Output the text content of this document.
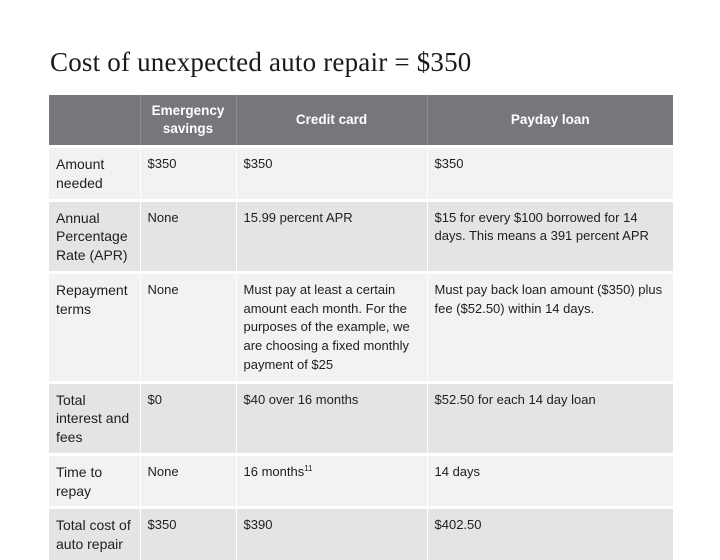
Cost of unexpected auto repair = $350
	Emergency savings	Credit card	Payday loan
Amount needed	$350	$350	$350
Annual Percentage Rate (APR)	None	15.99 percent APR	$15 for every $100 borrowed for 14 days. This means a 391 percent APR
Repayment terms	None	Must pay at least a certain amount each month. For the purposes of the example, we are choosing a fixed monthly payment of $25	Must pay back loan amount ($350) plus fee ($52.50) within 14 days.
Total interest and fees	$0	$40 over 16 months	$52.50 for each 14 day loan
Time to repay	None	16 months$^{11}$	14 days
Total cost of auto repair	$350	$390	$402.50
